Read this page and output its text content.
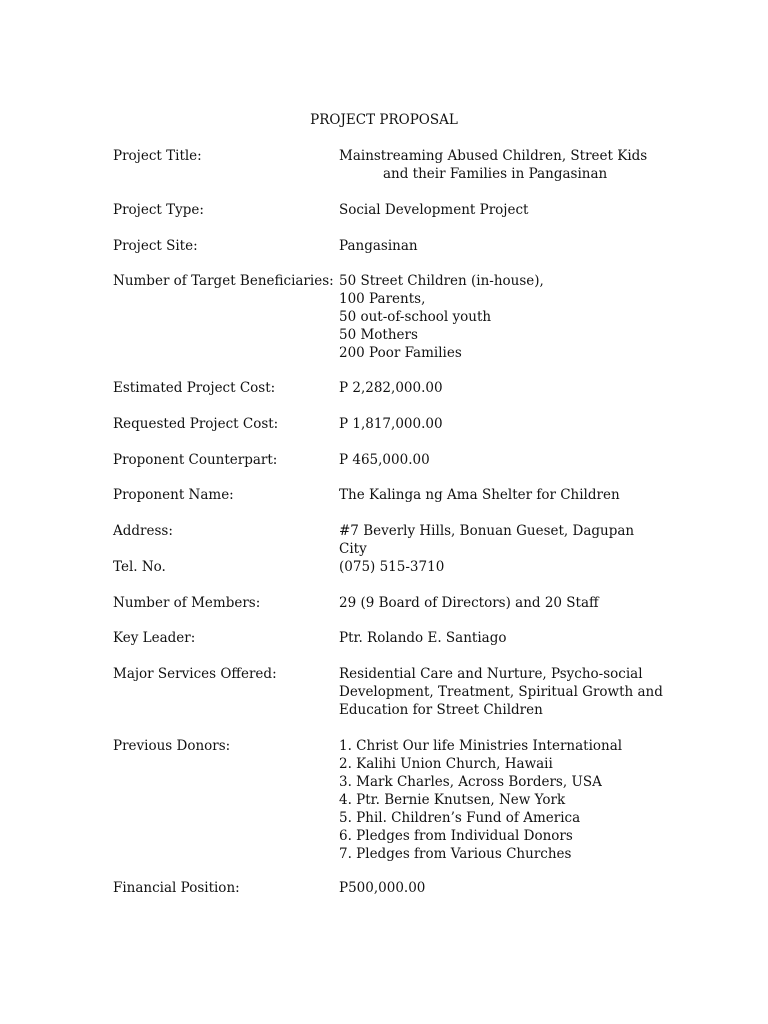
PROJECT PROPOSAL
Project Title:	Mainstreaming Abused Children, Street Kids
and their Families in Pangasinan
Project Type:	Social Development Project
Project Site:	Pangasinan
Number of Target Beneficiaries: 50 Street Children (in-house),
100 Parents,
50 out-of-school youth
50 Mothers
200 Poor Families
Estimated Project Cost:	P 2,282,000.00
Requested Project Cost:	P 1,817,000.00
Proponent Counterpart:	P 465,000.00
Proponent Name:	The Kalinga ng Ama Shelter for Children
Address:	#7 Beverly Hills, Bonuan Gueset, Dagupan City
Tel. No.	(075) 515-3710
Number of Members:	29 (9 Board of Directors) and 20 Staff
Key Leader:	Ptr. Rolando E. Santiago
Major Services Offered:	Residential Care and Nurture, Psycho-social
Development, Treatment, Spiritual Growth and
Education for Street Children
Previous Donors:	1. Christ Our life Ministries International
2. Kalihi Union Church, Hawaii
3. Mark Charles, Across Borders, USA
4. Ptr. Bernie Knutsen, New York
5. Phil. Children’s Fund of America
6. Pledges from Individual Donors
7. Pledges from Various Churches
Financial Position:	P500,000.00
